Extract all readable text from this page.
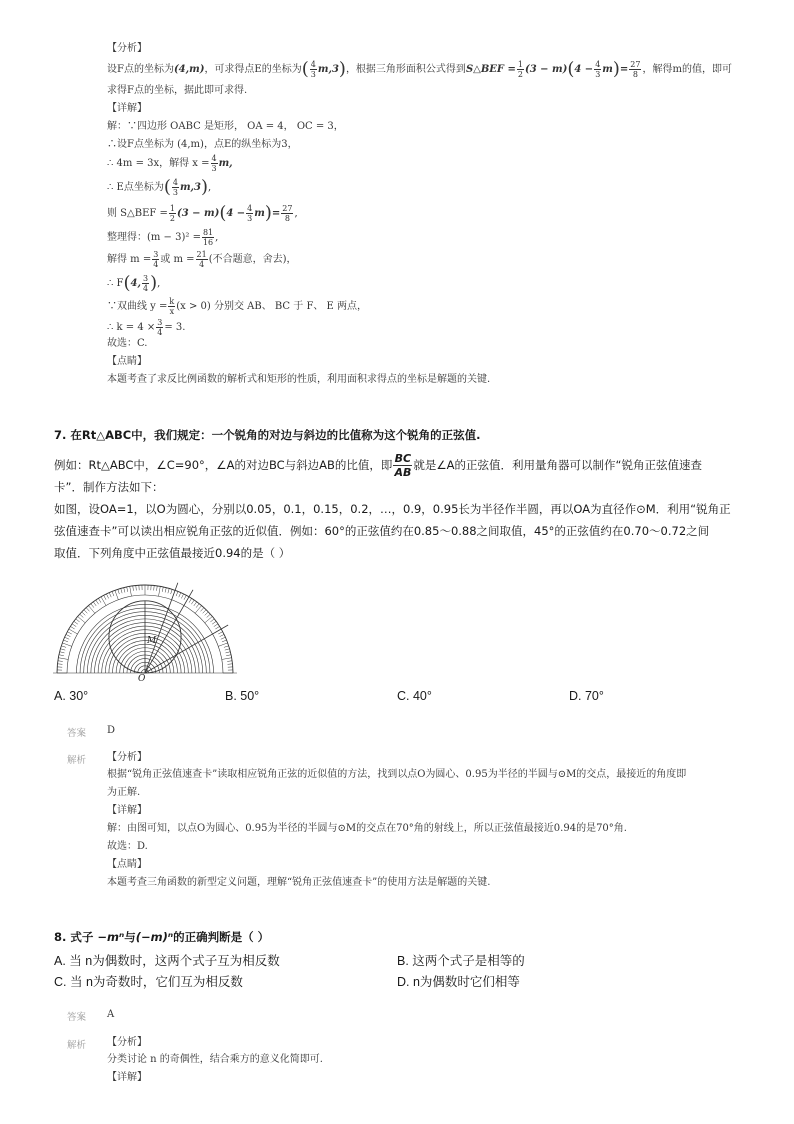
【分析】
设F点的坐标为(4,m)，可求得点E的坐标为( $\frac{4}{3} m,3$)，根据三角形面积公式得到S△BEF = $\frac{1}{2} (3 - m)(4 - \frac{4}{3} m)= \frac{27}{8}$ ，解得m的值，即可
求得F点的坐标，据此即可求得.
【详解】
解：∵四边形 OABC 是矩形， OA = 4， OC = 3，
∴设F点坐标为 (4,m)，点E的纵坐标为3，
∴ 4m = 3x，解得 $x = \frac{4}{3} m$,
∴ E点坐标为( $\frac{4}{3} m,3$),
则 S△BEF = $\frac{1}{2} (3 - m)(4 - \frac{4}{3} m)= \frac{27}{8}$ ,
整理得：$(m - 3)^2 = \frac{81}{16}$ ,
解得 $m = \frac{3}{4}$ 或 $m = \frac{21}{4}$ (不合题意，舍去)，
∴ F(4, $\frac{3}{4}$ ),
∵双曲线 $y = \frac{k}{x} (x > 0)$ 分别交 AB、 BC 于 F、 E 两点，
∴ $k = 4 \times \frac{3}{4} = 3$.
故选：C.
【点睛】
本题考查了求反比例函数的解析式和矩形的性质，利用面积求得点的坐标是解题的关键.
7. 在Rt△ABC中，我们规定：一个锐角的对边与斜边的比值称为这个锐角的正弦值.
例如：Rt△ABC中，∠C=90°，∠A的对边BC与斜边AB的比值，即 $\frac{BC}{AB}$ 就是∠A的正弦值．利用量角器可以制作“锐角正弦值速查
卡”．制作方法如下：
如图，设OA=1，以O为圆心，分别以0.05，0.1，0.15，0.2，…，0.9，0.95长为半径作半圆，再以OA为直径作⊙M．利用“锐角正
弦值速查卡”可以读出相应锐角正弦的近似值．例如：60°的正弦值约在0.85～0.88之间取值，45°的正弦值约在0.70～0.72之间
取值．下列角度中正弦值最接近0.94的是（ ）
M
O
A. 30°	B. 50°	C. 40°	D. 70°
答案 D
解析 【分析】
根据“锐角正弦值速查卡”读取相应锐角正弦的近似值的方法，找到以点O为圆心、0.95为半径的半圆与⊙M的交点，最接近的角度即
为正解.
【详解】
解：由图可知，以点O为圆心、0.95为半径的半圆与⊙M的交点在70°角的射线上，所以正弦值最接近0.94的是70°角.
故选：D.
【点睛】
本题考查三角函数的新型定义问题，理解“锐角正弦值速查卡”的使用方法是解题的关键.
8. 式子 −mⁿ与(−m)ⁿ的正确判断是（ ）
A. 当 n为偶数时，这两个式子互为相反数	B. 这两个式子是相等的
C. 当 n为奇数时，它们互为相反数	D. n为偶数时它们相等
答案 A
解析 【分析】
分类讨论 n 的奇偶性，结合乘方的意义化简即可.
【详解】
